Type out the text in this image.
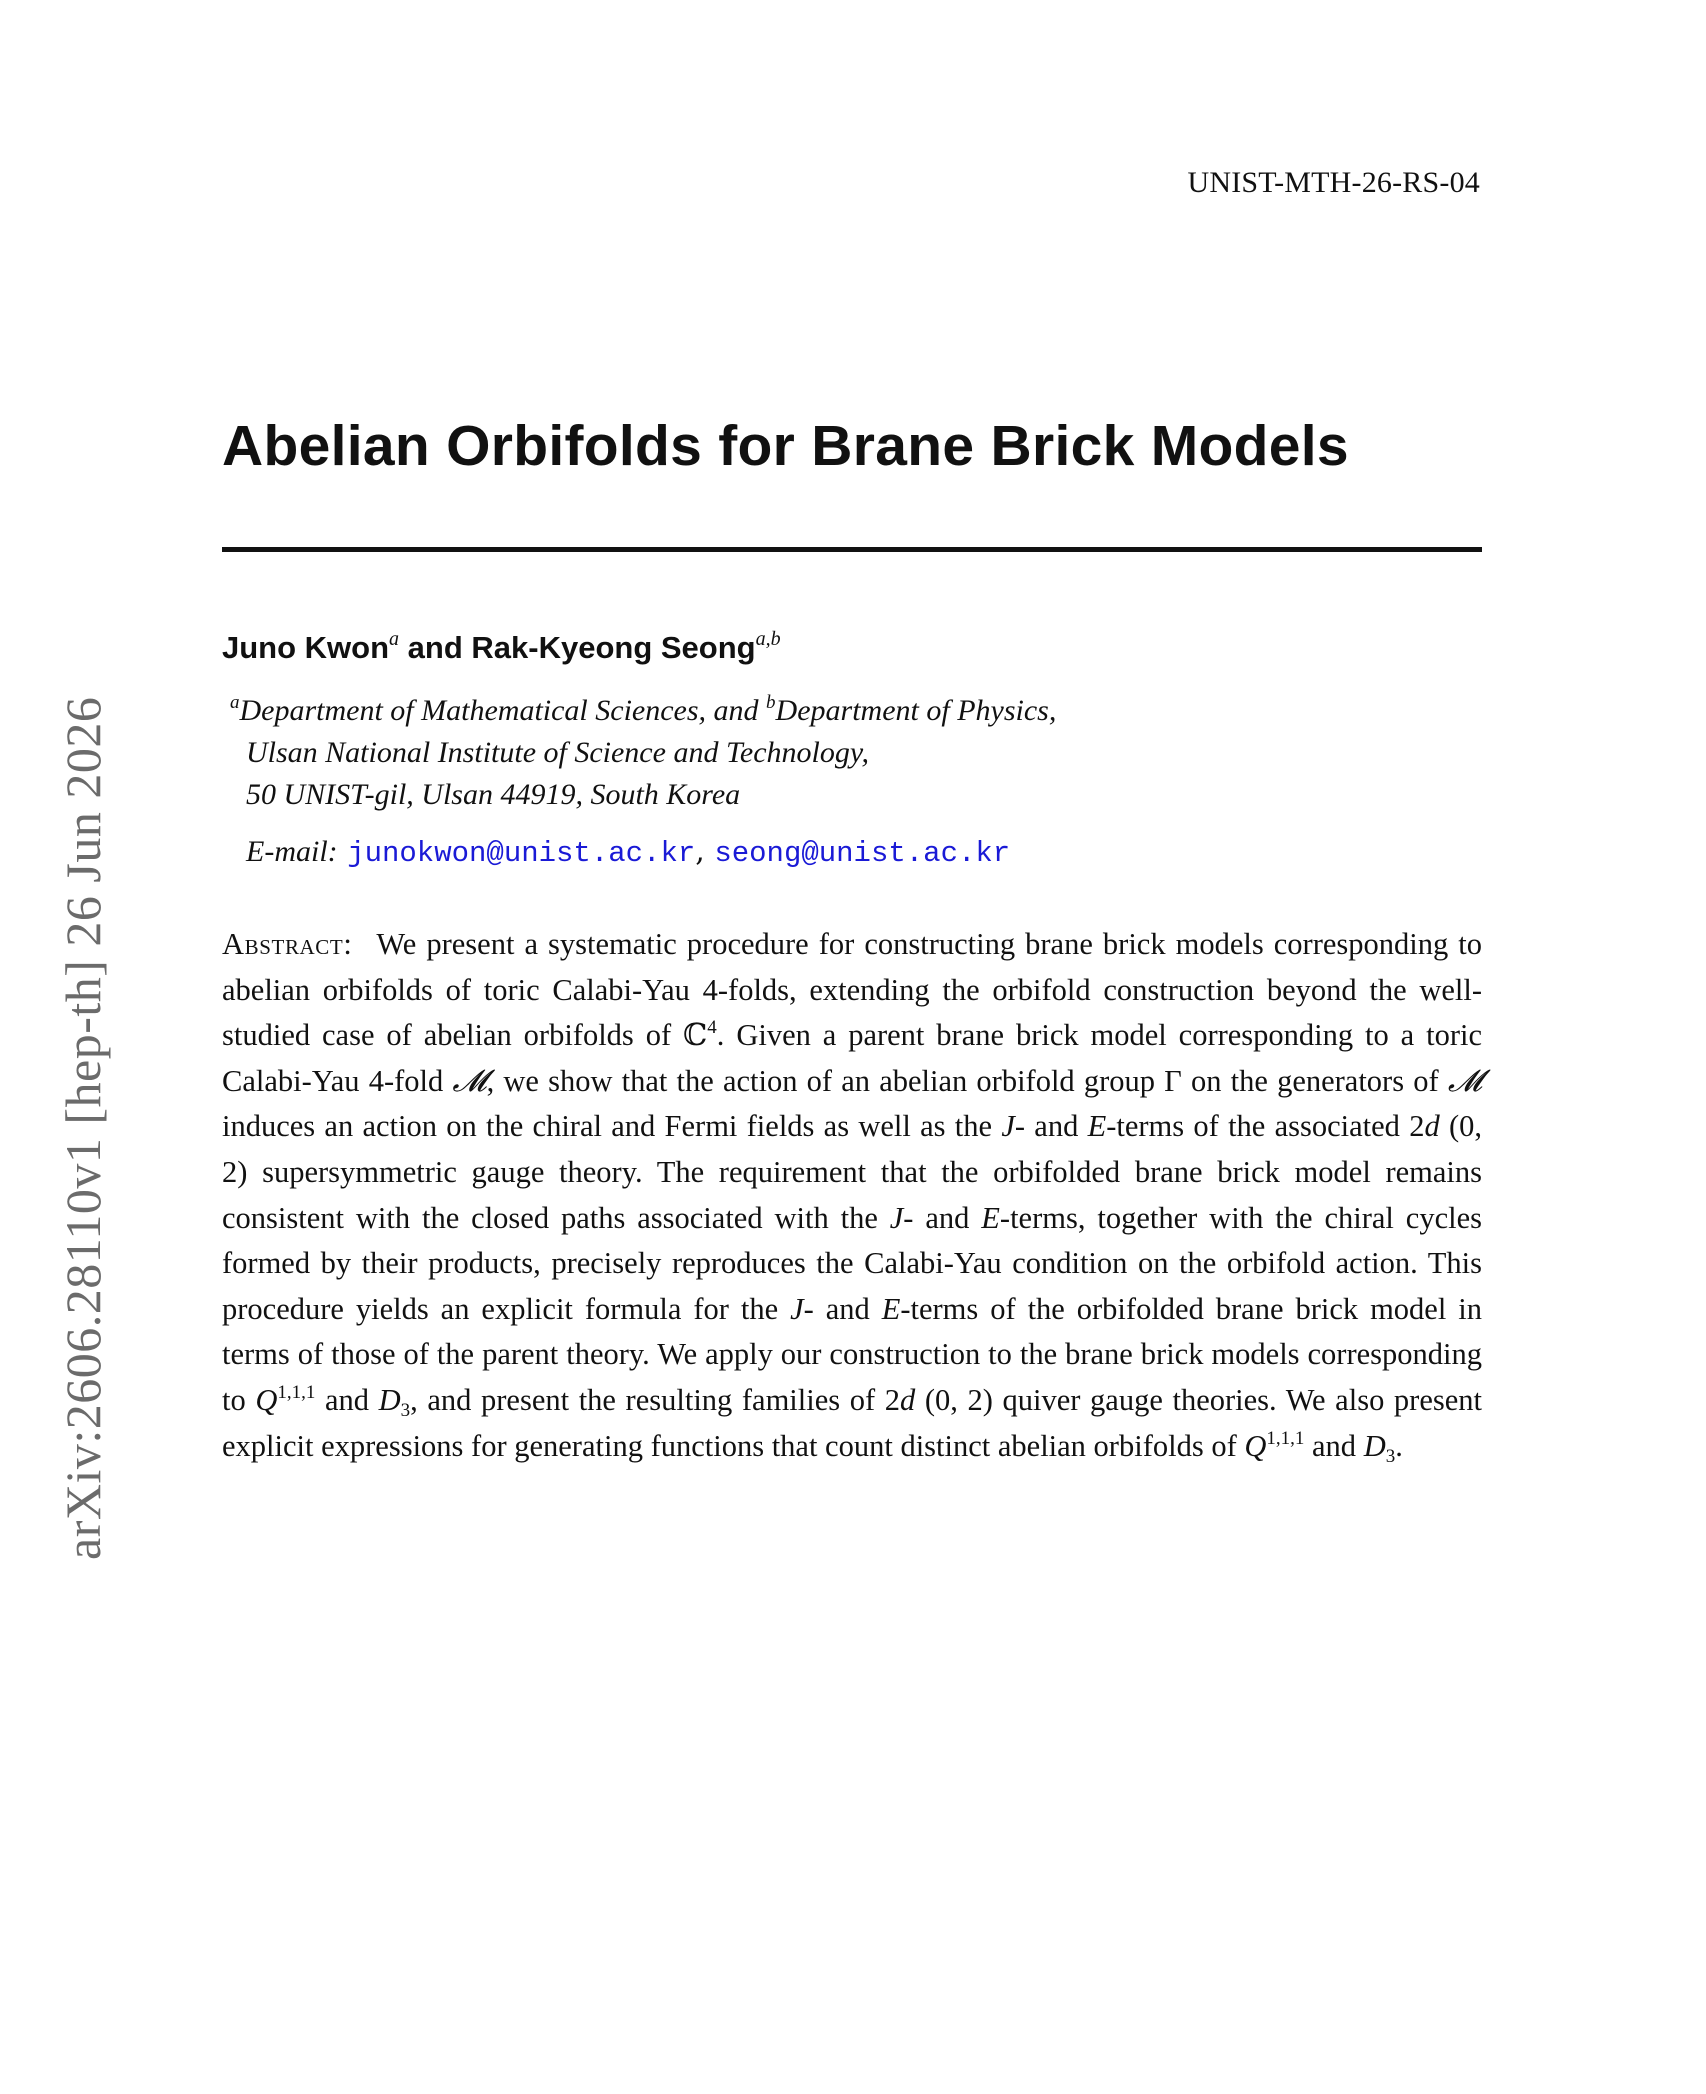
UNIST-MTH-26-RS-04
Abelian Orbifolds for Brane Brick Models
Juno Kwon$^a$ and Rak-Kyeong Seong$^{a,b}$
$^a$Department of Mathematical Sciences, and $^b$Department of Physics,
Ulsan National Institute of Science and Technology,
50 UNIST-gil, Ulsan 44919, South Korea
E-mail: junokwon@unist.ac.kr, seong@unist.ac.kr
Abstract: We present a systematic procedure for constructing brane brick models corresponding to abelian orbifolds of toric Calabi-Yau 4-folds, extending the orbifold construction beyond the well-studied case of abelian orbifolds of ℂ$^4$. Given a parent brane brick model corresponding to a toric Calabi-Yau 4-fold 𝓜, we show that the action of an abelian orbifold group Γ on the generators of 𝓜 induces an action on the chiral and Fermi fields as well as the J- and E-terms of the associated 2d (0, 2) supersymmetric gauge theory. The requirement that the orbifolded brane brick model remains consistent with the closed paths associated with the J- and E-terms, together with the chiral cycles formed by their products, precisely reproduces the Calabi-Yau condition on the orbifold action. This procedure yields an explicit formula for the J- and E-terms of the orbifolded brane brick model in terms of those of the parent theory. We apply our construction to the brane brick models corresponding to Q$^{1,1,1}$ and $D_3$, and present the resulting families of 2d (0, 2) quiver gauge theories. We also present explicit expressions for generating functions that count distinct abelian orbifolds of Q$^{1,1,1}$ and $D_3$.
arXiv:2606.28110v1 [hep-th] 26 Jun 2026
